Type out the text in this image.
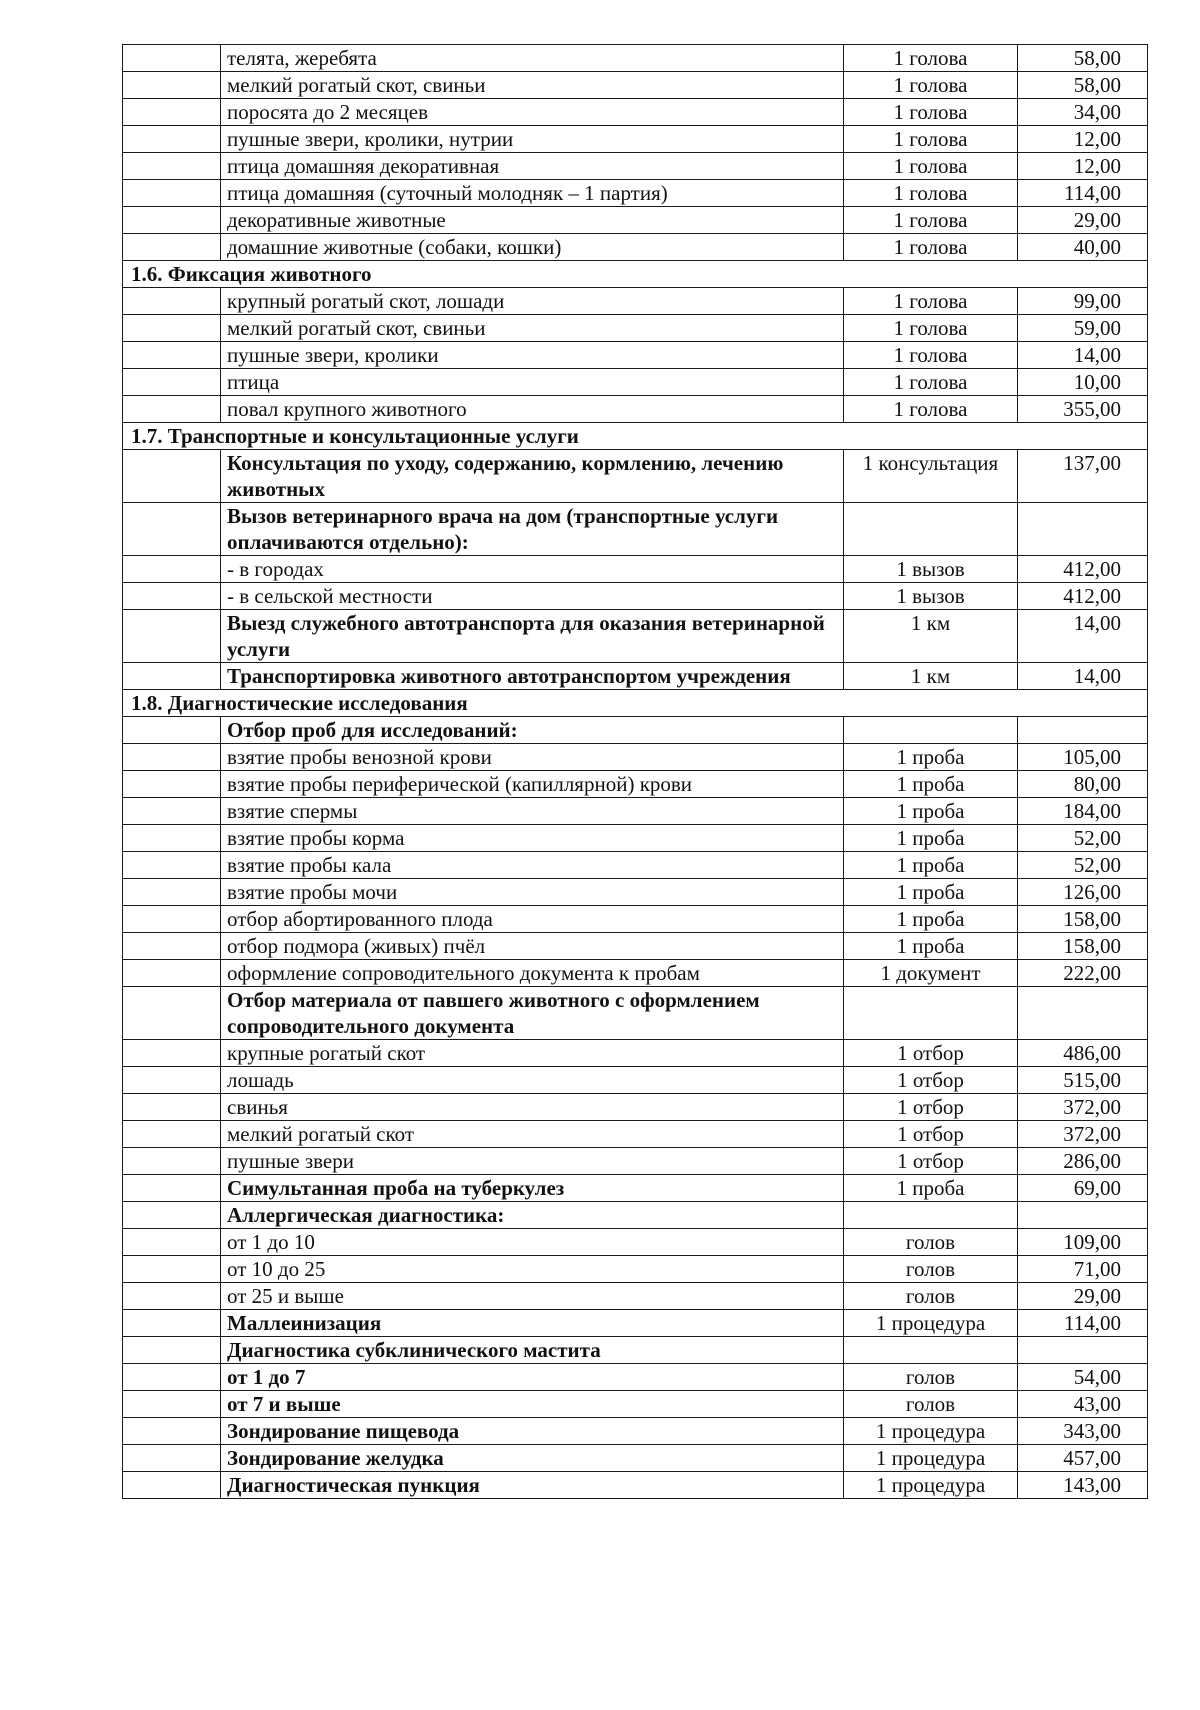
	телята, жеребята	1 голова	58,00
	мелкий рогатый скот, свиньи	1 голова	58,00
	поросята до 2 месяцев	1 голова	34,00
	пушные звери, кролики, нутрии	1 голова	12,00
	птица домашняя декоративная	1 голова	12,00
	птица домашняя (суточный молодняк – 1 партия)	1 голова	114,00
	декоративные животные	1 голова	29,00
	домашние животные (собаки, кошки)	1 голова	40,00
1.6. Фиксация животного			
	крупный рогатый скот, лошади	1 голова	99,00
	мелкий рогатый скот, свиньи	1 голова	59,00
	пушные звери, кролики	1 голова	14,00
	птица	1 голова	10,00
	повал крупного животного	1 голова	355,00
1.7. Транспортные и консультационные услуги			
	Консультация по уходу, содержанию, кормлению, лечению животных	1 консультация	137,00
	Вызов ветеринарного врача на дом (транспортные услуги оплачиваются отдельно):		
	- в городах	1 вызов	412,00
	- в сельской местности	1 вызов	412,00
	Выезд служебного автотранспорта для оказания ветеринарной услуги	1 км	14,00
	Транспортировка животного автотранспортом учреждения	1 км	14,00
1.8. Диагностические исследования			
	Отбор проб для исследований:		
	взятие пробы венозной крови	1 проба	105,00
	взятие пробы периферической (капиллярной) крови	1 проба	80,00
	взятие спермы	1 проба	184,00
	взятие пробы корма	1 проба	52,00
	взятие пробы кала	1 проба	52,00
	взятие пробы мочи	1 проба	126,00
	отбор абортированного плода	1 проба	158,00
	отбор подмора (живых) пчёл	1 проба	158,00
	оформление сопроводительного документа к пробам	1 документ	222,00
	Отбор материала от павшего животного с оформлением сопроводительного документа		
	крупные рогатый скот	1 отбор	486,00
	лошадь	1 отбор	515,00
	свинья	1 отбор	372,00
	мелкий рогатый скот	1 отбор	372,00
	пушные звери	1 отбор	286,00
	Симультанная проба на туберкулез	1 проба	69,00
	Аллергическая диагностика:		
	от 1 до 10	голов	109,00
	от 10 до 25	голов	71,00
	от 25 и выше	голов	29,00
	Маллеинизация	1 процедура	114,00
	Диагностика субклинического мастита		
	от 1 до 7	голов	54,00
	от 7 и выше	голов	43,00
	Зондирование пищевода	1 процедура	343,00
	Зондирование желудка	1 процедура	457,00
	Диагностическая пункция	1 процедура	143,00
